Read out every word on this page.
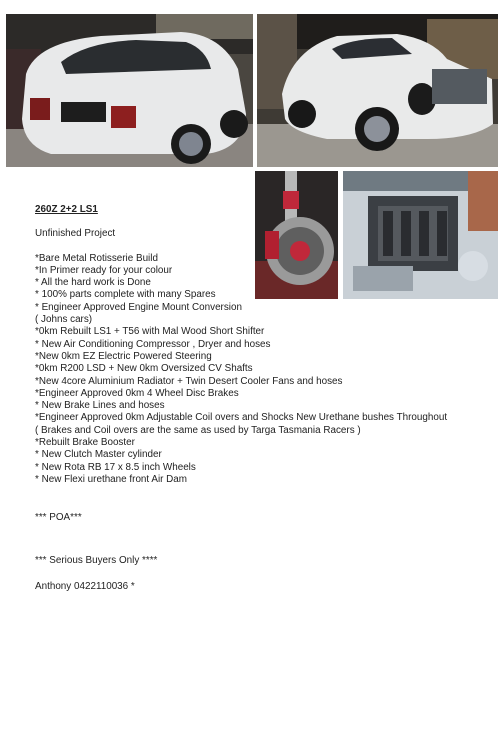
260Z 2+2 LS1
Unfinished Project
*Bare Metal Rotisserie Build
*In Primer ready for your colour
* All the hard work is Done
* 100% parts complete with many Spares
* Engineer Approved Engine Mount Conversion
( Johns cars)
*0km Rebuilt LS1 + T56 with Mal Wood Short Shifter
* New Air Conditioning Compressor , Dryer and hoses
*New 0km EZ Electric Powered Steering
*0km R200 LSD + New 0km Oversized CV Shafts
*New 4core Aluminium Radiator + Twin Desert Cooler Fans and hoses
*Engineer Approved 0km 4 Wheel Disc Brakes
* New Brake Lines and hoses
*Engineer Approved 0km Adjustable Coil overs and Shocks New Urethane bushes Throughout
( Brakes and Coil overs are the same as used by Targa Tasmania Racers )
*Rebuilt Brake Booster
* New Clutch Master cylinder
* New Rota RB 17 x 8.5 inch Wheels
* New Flexi urethane front Air Dam
*** POA***
*** Serious Buyers Only ****
Anthony 0422110036 *
